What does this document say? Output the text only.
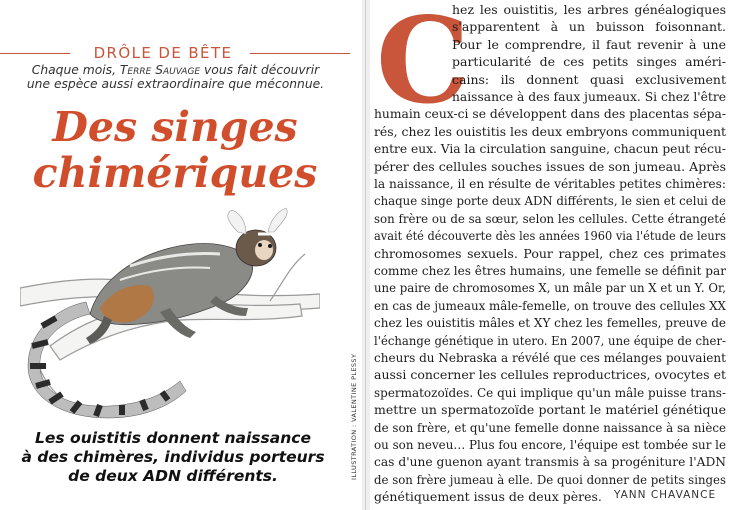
DRÔLE DE BÊTE
Chaque mois, Terre Sauvage vous fait découvrir
une espèce aussi extraordinaire que méconnue.
Des singes
chimériques
Les ouistitis donnent naissance
à des chimères, individus porteurs
de deux ADN différents.	ILLUSTRATION : VALENTINE PLESSY
C
hez les ouistitis, les arbres généalogiques
s'apparentent à un buisson foisonnant.
Pour le comprendre, il faut revenir à une
particularité de ces petits singes améri-
cains: ils donnent quasi exclusivement
naissance à des faux jumeaux. Si chez l'être
humain ceux-ci se développent dans des placentas sépa-
rés, chez les ouistitis les deux embryons communiquent
entre eux. Via la circulation sanguine, chacun peut récu-
pérer des cellules souches issues de son jumeau. Après
la naissance, il en résulte de véritables petites chimères:
chaque singe porte deux ADN différents, le sien et celui de
son frère ou de sa sœur, selon les cellules. Cette étrangeté
avait été découverte dès les années 1960 via l'étude de leurs
chromosomes sexuels. Pour rappel, chez ces primates
comme chez les êtres humains, une femelle se définit par
une paire de chromosomes X, un mâle par un X et un Y. Or,
en cas de jumeaux mâle-femelle, on trouve des cellules XX
chez les ouistitis mâles et XY chez les femelles, preuve de
l'échange génétique in utero. En 2007, une équipe de cher-
cheurs du Nebraska a révélé que ces mélanges pouvaient
aussi concerner les cellules reproductrices, ovocytes et
spermatozoïdes. Ce qui implique qu'un mâle puisse trans-
mettre un spermatozoïde portant le matériel génétique
de son frère, et qu'une femelle donne naissance à sa nièce
ou son neveu… Plus fou encore, l'équipe est tombée sur le
cas d'une guenon ayant transmis à sa progéniture l'ADN
de son frère jumeau à elle. De quoi donner de petits singes
génétiquement issus de deux pères. YANN CHAVANCE
